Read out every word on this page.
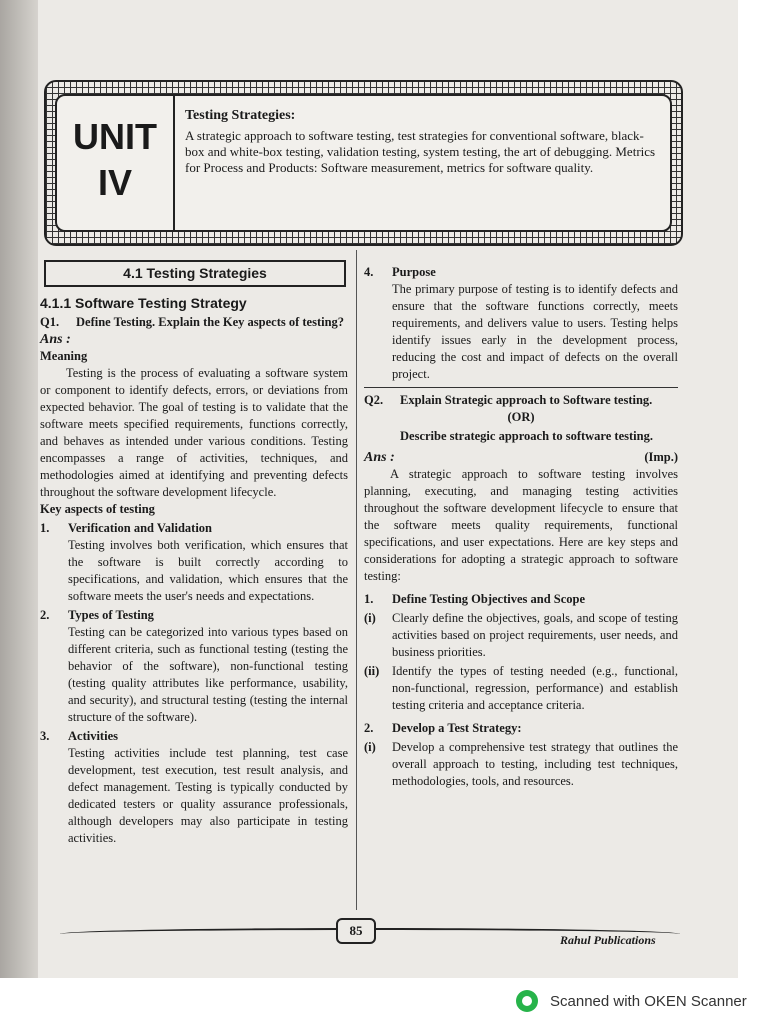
UNIT
IV
Testing Strategies:
A strategic approach to software testing, test strategies for conventional software, black-box and white-box testing, validation testing, system testing, the art of debugging. Metrics for Process and Products: Software measurement, metrics for software quality.
4.1 Testing Strategies
4.1.1 Software Testing Strategy
Q1.	Define Testing. Explain the Key aspects of testing?
Ans :
Meaning

Testing is the process of evaluating a software system or component to identify defects, errors, or deviations from expected behavior. The goal of testing is to validate that the software meets specified requirements, functions correctly, and behaves as intended under various conditions. Testing encompasses a range of activities, techniques, and methodologies aimed at identifying and preventing defects throughout the software development lifecycle.

Key aspects of testing
1.	Verification and Validation

Testing involves both verification, which ensures that the software is built correctly according to specifications, and validation, which ensures that the software meets the user's needs and expectations.

2.	Types of Testing

Testing can be categorized into various types based on different criteria, such as functional testing (testing the behavior of the software), non-functional testing (testing quality attributes like performance, usability, and security), and structural testing (testing the internal structure of the software).

3.	Activities

Testing activities include test planning, test case development, test execution, test result analysis, and defect management. Testing is typically conducted by dedicated testers or quality assurance professionals, although developers may also participate in testing activities.

4.	Purpose

The primary purpose of testing is to identify defects and ensure that the software functions correctly, meets requirements, and delivers value to users. Testing helps identify issues early in the development process, reducing the cost and impact of defects on the overall project.

Q2.	Explain Strategic approach to Software testing.
(OR)
Describe strategic approach to software testing.
Ans :	(Imp.)

A strategic approach to software testing involves planning, executing, and managing testing activities throughout the software development lifecycle to ensure that the software meets quality requirements, functional specifications, and user expectations. Here are key steps and considerations for adopting a strategic approach to software testing:

1.	Define Testing Objectives and Scope
(i)	Clearly define the objectives, goals, and scope of testing activities based on project requirements, user needs, and business priorities.

(ii)	Identify the types of testing needed (e.g., functional, non-functional, regression, performance) and establish testing criteria and acceptance criteria.

2.	Develop a Test Strategy:
(i)	Develop a comprehensive test strategy that outlines the overall approach to testing, including test techniques, methodologies, tools, and resources.

85
Rahul Publications
Scanned with OKEN Scanner
